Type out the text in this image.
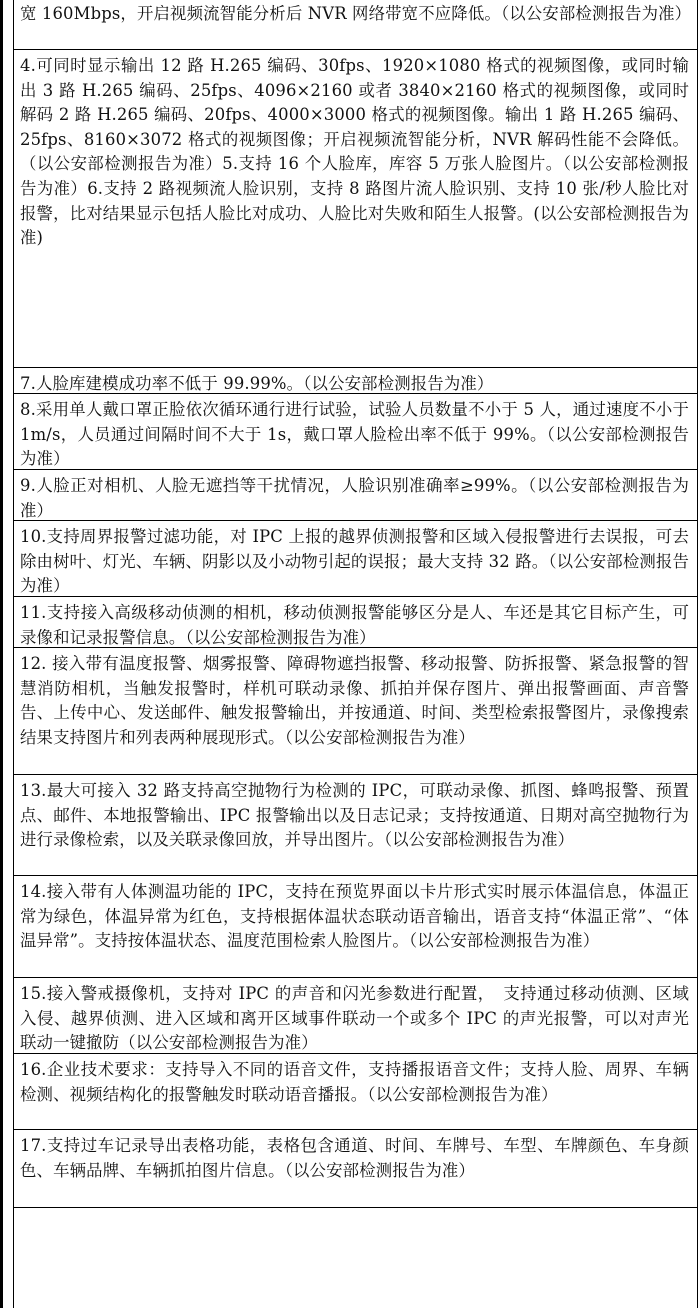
宽 160Mbps，开启视频流智能分析后 NVR 网络带宽不应降低。（以公安部检测报告为准）
4.可同时显示输出 12 路 H.265 编码、30fps、1920×1080 格式的视频图像，或同时输出 3 路 H.265 编码、25fps、4096×2160 或者 3840×2160 格式的视频图像，或同时解码 2 路 H.265 编码、20fps、4000×3000 格式的视频图像。输出 1 路 H.265 编码、25fps、8160×3072 格式的视频图像；开启视频流智能分析，NVR 解码性能不会降低。（以公安部检测报告为准）5.支持 16 个人脸库，库容 5 万张人脸图片。（以公安部检测报告为准）6.支持 2 路视频流人脸识别，支持 8 路图片流人脸识别、支持 10 张/秒人脸比对报警，比对结果显示包括人脸比对成功、人脸比对失败和陌生人报警。(以公安部检测报告为准)
7.人脸库建模成功率不低于 99.99%。（以公安部检测报告为准）
8.采用单人戴口罩正脸依次循环通行进行试验，试验人员数量不小于 5 人，通过速度不小于 1m/s，人员通过间隔时间不大于 1s，戴口罩人脸检出率不低于 99%。（以公安部检测报告为准）
9.人脸正对相机、人脸无遮挡等干扰情况，人脸识别准确率≥99%。（以公安部检测报告为准）
10.支持周界报警过滤功能，对 IPC 上报的越界侦测报警和区域入侵报警进行去误报，可去除由树叶、灯光、车辆、阴影以及小动物引起的误报；最大支持 32 路。（以公安部检测报告为准）
11.支持接入高级移动侦测的相机，移动侦测报警能够区分是人、车还是其它目标产生，可录像和记录报警信息。（以公安部检测报告为准）
12. 接入带有温度报警、烟雾报警、障碍物遮挡报警、移动报警、防拆报警、紧急报警的智慧消防相机，当触发报警时，样机可联动录像、抓拍并保存图片、弹出报警画面、声音警告、上传中心、发送邮件、触发报警输出，并按通道、时间、类型检索报警图片，录像搜索结果支持图片和列表两种展现形式。（以公安部检测报告为准）
13.最大可接入 32 路支持高空抛物行为检测的 IPC，可联动录像、抓图、蜂鸣报警、预置点、邮件、本地报警输出、IPC 报警输出以及日志记录；支持按通道、日期对高空抛物行为进行录像检索，以及关联录像回放，并导出图片。（以公安部检测报告为准）
14.接入带有人体测温功能的 IPC，支持在预览界面以卡片形式实时展示体温信息，体温正常为绿色，体温异常为红色，支持根据体温状态联动语音输出，语音支持“体温正常”、“体温异常”。支持按体温状态、温度范围检索人脸图片。（以公安部检测报告为准）
15.接入警戒摄像机，支持对 IPC 的声音和闪光参数进行配置，　支持通过移动侦测、区域入侵、越界侦测、进入区域和离开区域事件联动一个或多个 IPC 的声光报警，可以对声光联动一键撤防（以公安部检测报告为准）
16.企业技术要求：支持导入不同的语音文件，支持播报语音文件；支持人脸、周界、车辆检测、视频结构化的报警触发时联动语音播报。（以公安部检测报告为准）
17.支持过车记录导出表格功能，表格包含通道、时间、车牌号、车型、车牌颜色、车身颜色、车辆品牌、车辆抓拍图片信息。（以公安部检测报告为准）
